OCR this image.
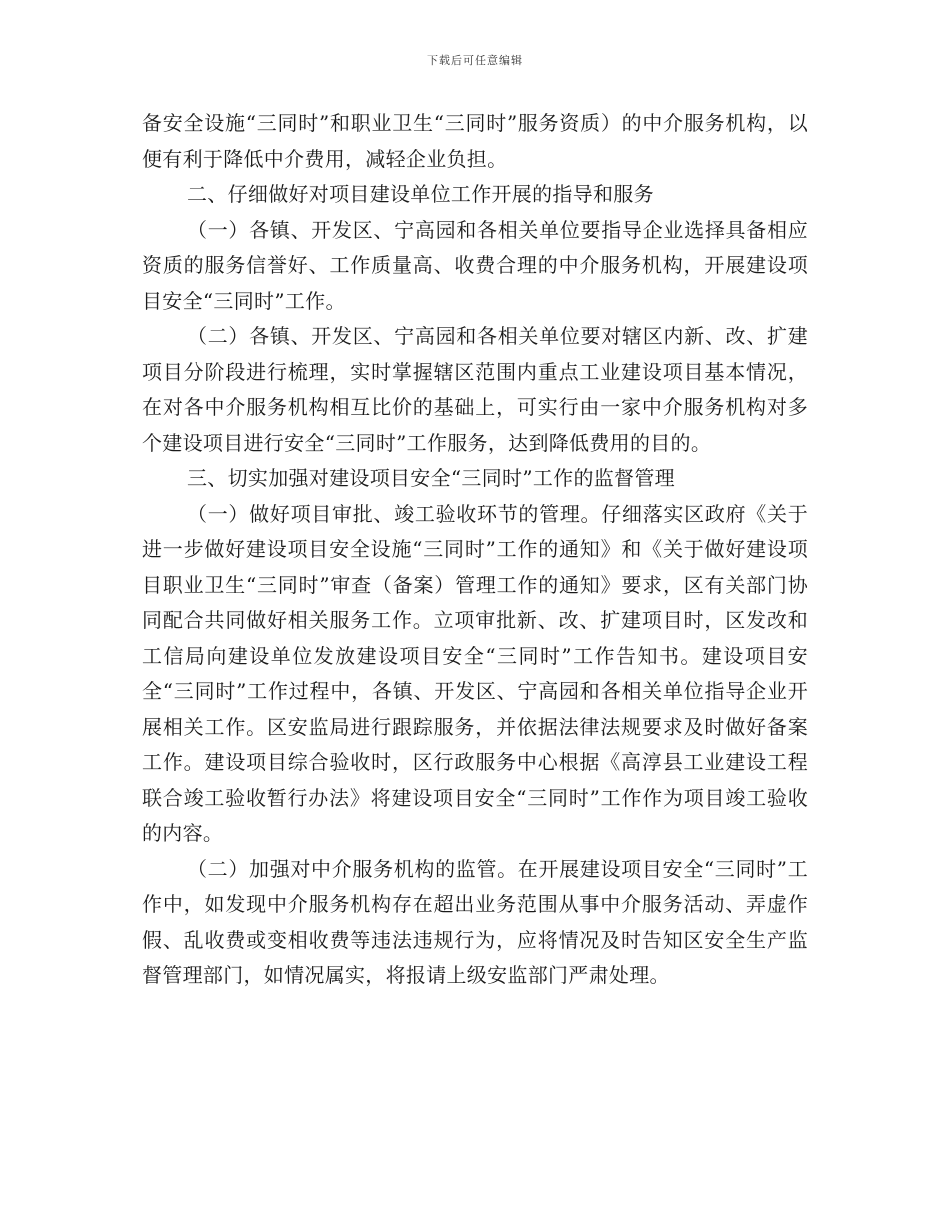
下载后可任意编辑

备安全设施“三同时”和职业卫生“三同时”服务资质）的中介服务机构，以便有利于降低中介费用，减轻企业负担。

二、仔细做好对项目建设单位工作开展的指导和服务

（一）各镇、开发区、宁高园和各相关单位要指导企业选择具备相应资质的服务信誉好、工作质量高、收费合理的中介服务机构，开展建设项目安全“三同时”工作。

（二）各镇、开发区、宁高园和各相关单位要对辖区内新、改、扩建项目分阶段进行梳理，实时掌握辖区范围内重点工业建设项目基本情况，在对各中介服务机构相互比价的基础上，可实行由一家中介服务机构对多个建设项目进行安全“三同时”工作服务，达到降低费用的目的。

三、切实加强对建设项目安全“三同时”工作的监督管理

（一）做好项目审批、竣工验收环节的管理。仔细落实区政府《关于进一步做好建设项目安全设施“三同时”工作的通知》和《关于做好建设项目职业卫生“三同时”审查（备案）管理工作的通知》要求，区有关部门协同配合共同做好相关服务工作。立项审批新、改、扩建项目时，区发改和工信局向建设单位发放建设项目安全“三同时”工作告知书。建设项目安全“三同时”工作过程中，各镇、开发区、宁高园和各相关单位指导企业开展相关工作。区安监局进行跟踪服务，并依据法律法规要求及时做好备案工作。建设项目综合验收时，区行政服务中心根据《高淳县工业建设工程联合竣工验收暂行办法》将建设项目安全“三同时”工作作为项目竣工验收的内容。

（二）加强对中介服务机构的监管。在开展建设项目安全“三同时”工作中，如发现中介服务机构存在超出业务范围从事中介服务活动、弄虚作假、乱收费或变相收费等违法违规行为，应将情况及时告知区安全生产监督管理部门，如情况属实，将报请上级安监部门严肃处理。
